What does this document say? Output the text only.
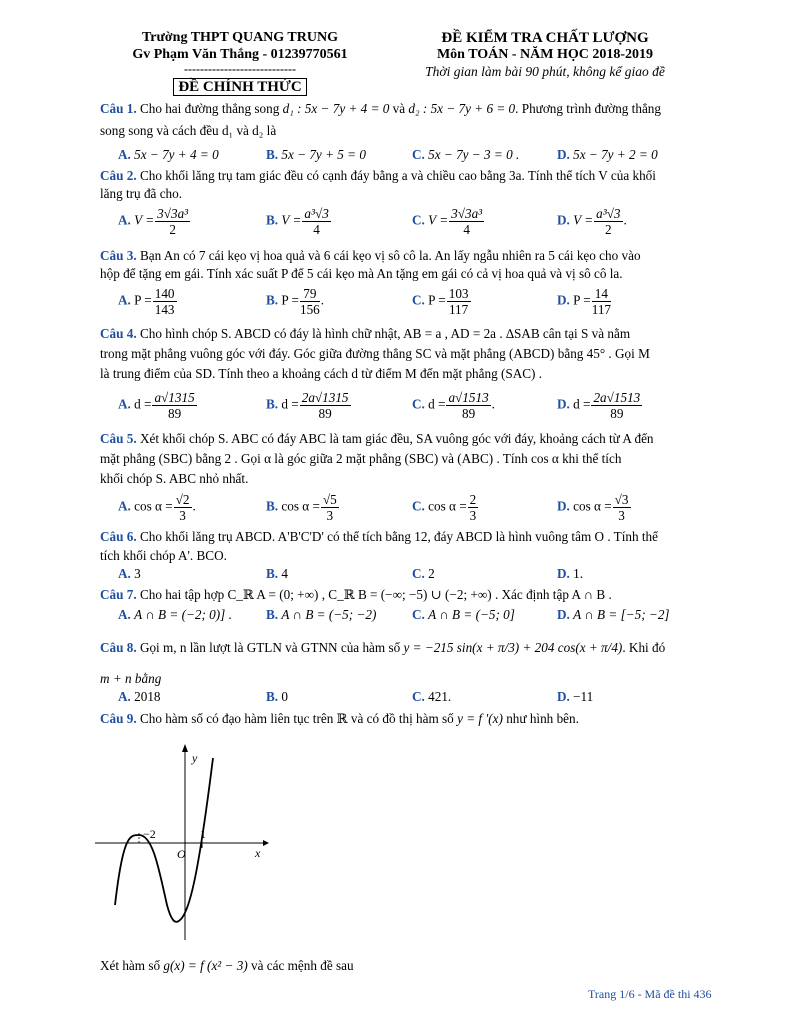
Trường THPT QUANG TRUNG
Gv Phạm Văn Thắng - 01239770561
----------------------------
ĐỀ CHÍNH THỨC
ĐỀ KIỂM TRA CHẤT LƯỢNG
Môn TOÁN - NĂM HỌC 2018-2019
Thời gian làm bài 90 phút, không kể giao đề
Câu 1. Cho hai đường thẳng song d₁ : 5x − 7y + 4 = 0 và d₂ : 5x − 7y + 6 = 0. Phương trình đường thẳng
song song và cách đều d₁ và d₂ là
A. 5x − 7y + 4 = 0	B. 5x − 7y + 5 = 0	C. 5x − 7y − 3 = 0 .	D. 5x − 7y + 2 = 0
Câu 2. Cho khối lăng trụ tam giác đều có cạnh đáy bằng a và chiều cao bằng 3a. Tính thể tích V của khối
lăng trụ đã cho.
A. $V = \frac{\text{3√3a³}}{2}$	B. $V = \frac{\text{a³√3}}{4}$	C. $V = \frac{\text{3√3a³}}{4}$	D. $V = \frac{\text{a³√3}}{2}$ .
Câu 3. Bạn An có 7 cái kẹo vị hoa quả và 6 cái kẹo vị sô cô la. An lấy ngẫu nhiên ra 5 cái kẹo cho vào
hộp để tặng em gái. Tính xác suất P để 5 cái kẹo mà An tặng em gái có cả vị hoa quả và vị sô cô la.
A. $P = \frac{140}{143}$	B. $P = \frac{79}{156}$ .	C. $P = \frac{103}{117}$	D. $P = \frac{14}{117}$
Câu 4. Cho hình chóp S. ABCD có đáy là hình chữ nhật, AB = a , AD = 2a . ∆SAB cân tại S và nằm
trong mặt phẳng vuông góc với đáy. Góc giữa đường thẳng SC và mặt phẳng (ABCD) bằng 45° . Gọi M
là trung điểm của SD. Tính theo a khoảng cách d từ điểm M đến mặt phẳng (SAC) .
A. $d = \frac{a√1315}{89}$	B. $d = \frac{2a√1315}{89}$	C. $d = \frac{a√1513}{89}$ .	D. $d = \frac{2a√1513}{89}$
Câu 5. Xét khối chóp S. ABC có đáy ABC là tam giác đều, SA vuông góc với đáy, khoảng cách từ A đến
mặt phẳng (SBC) bằng 2 . Gọi α là góc giữa 2 mặt phẳng (SBC) và (ABC) . Tính cos α khi thể tích
khối chóp S. ABC nhỏ nhất.
A. $\cos \alpha = \frac{√2}{3}$ .	B. $\cos \alpha = \frac{√5}{3}$	C. $\cos \alpha = \frac{2}{3}$	D. $\cos \alpha = \frac{√3}{3}$
Câu 6. Cho khối lăng trụ ABCD. A'B'C'D' có thể tích bằng 12, đáy ABCD là hình vuông tâm O . Tính thể
tích khối chóp A'. BCO.
A. 3	B. 4	C. 2	D. 1.
Câu 7. Cho hai tập hợp C_ℝ A = (0; +∞) , C_ℝ B = (−∞; −5) ∪ (−2; +∞) . Xác định tập A ∩ B .
A. A ∩ B = (−2; 0)] .	B. A ∩ B = (−5; −2)	C. A ∩ B = (−5; 0]	D. A ∩ B = [−5; −2]
Câu 8. Gọi m, n lần lượt là GTLN và GTNN của hàm số y = −215 sin(x + π/3) + 204 cos(x + π/4). Khi đó
m + n bằng
A. 2018	B. 0	C. 421.	D. −11
Câu 9. Cho hàm số có đạo hàm liên tục trên ℝ và có đồ thị hàm số y = f ′(x) như hình bên.
y
x
O
−2	1
Xét hàm số g(x) = f (x² − 3) và các mệnh đề sau
Trang 1/6 - Mã đề thi 436
